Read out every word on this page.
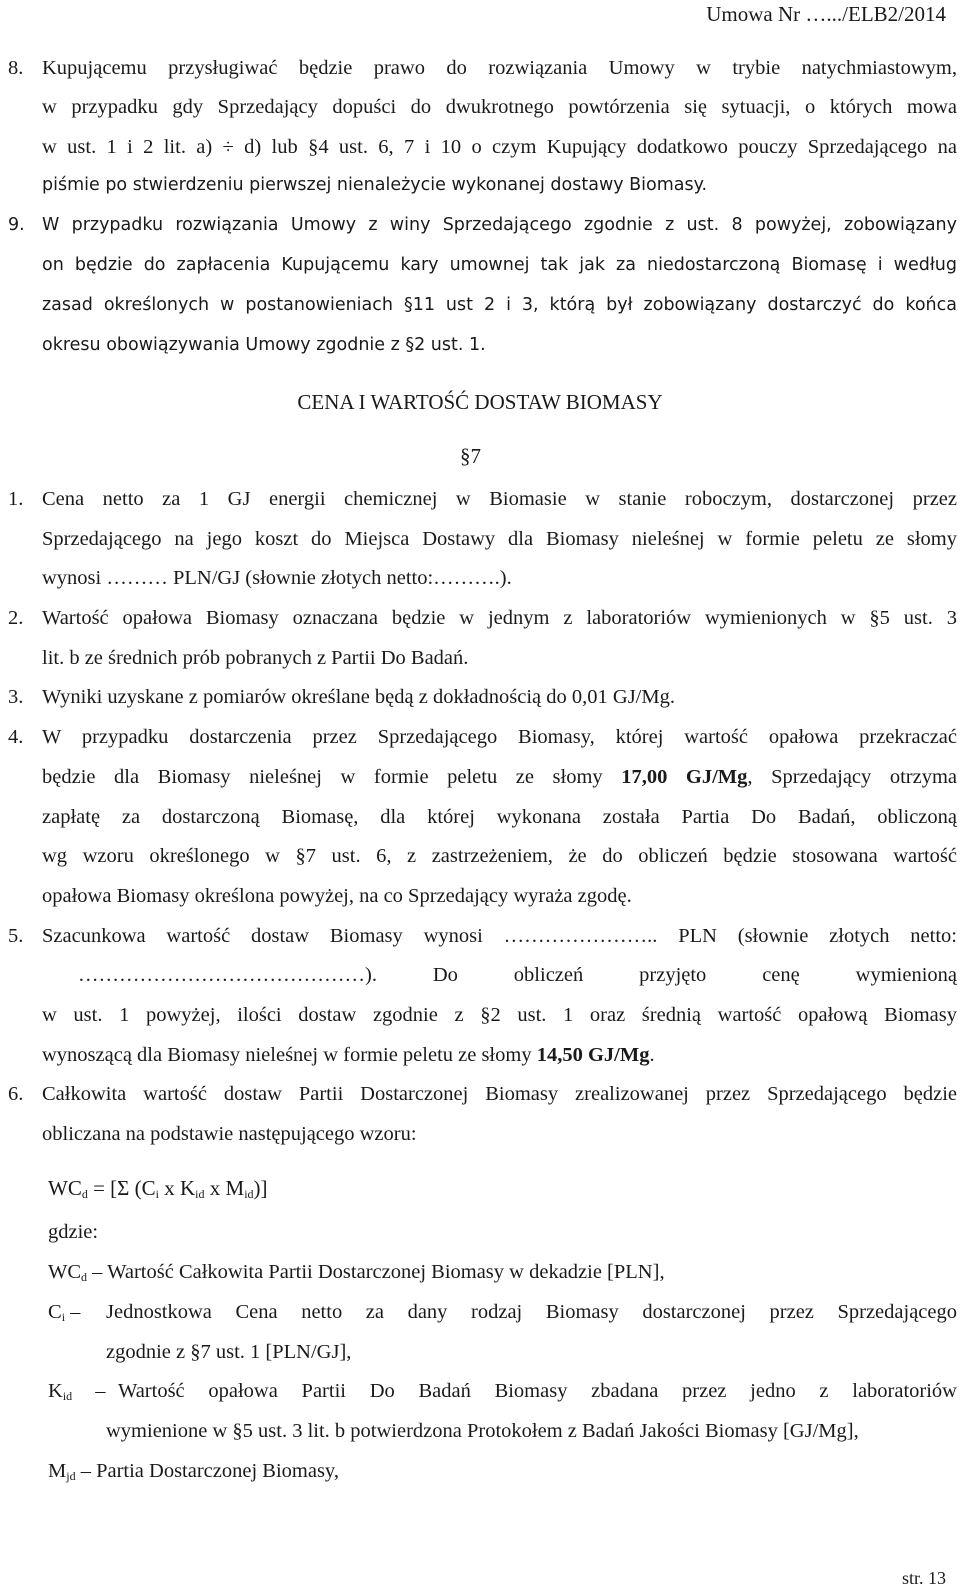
Umowa Nr ….../ELB2/2014
8. Kupującemu przysługiwać będzie prawo do rozwiązania Umowy w trybie natychmiastowym,
w przypadku gdy Sprzedający dopuści do dwukrotnego powtórzenia się sytuacji, o których mowa
w ust. 1 i 2 lit. a) ÷ d) lub §4 ust. 6, 7 i 10 o czym Kupujący dodatkowo pouczy Sprzedającego na
piśmie po stwierdzeniu pierwszej nienależycie wykonanej dostawy Biomasy.
9. W przypadku rozwiązania Umowy z winy Sprzedającego zgodnie z ust. 8 powyżej, zobowiązany
on będzie do zapłacenia Kupującemu kary umownej tak jak za niedostarczoną Biomasę i według
zasad określonych w postanowieniach §11 ust 2 i 3, którą był zobowiązany dostarczyć do końca
okresu obowiązywania Umowy zgodnie z §2 ust. 1.
CENA I WARTOŚĆ DOSTAW BIOMASY
§7
1. Cena netto za 1 GJ energii chemicznej w Biomasie w stanie roboczym, dostarczonej przez
Sprzedającego na jego koszt do Miejsca Dostawy dla Biomasy nieleśnej w formie peletu ze słomy
wynosi ……… PLN/GJ (słownie złotych netto:……….).
2. Wartość opałowa Biomasy oznaczana będzie w jednym z laboratoriów wymienionych w §5 ust. 3
lit. b ze średnich prób pobranych z Partii Do Badań.
3. Wyniki uzyskane z pomiarów określane będą z dokładnością do 0,01 GJ/Mg.
4. W przypadku dostarczenia przez Sprzedającego Biomasy, której wartość opałowa przekraczać
będzie dla Biomasy nieleśnej w formie peletu ze słomy 17,00 GJ/Mg, Sprzedający otrzyma
zapłatę za dostarczoną Biomasę, dla której wykonana została Partia Do Badań, obliczoną
wg wzoru określonego w §7 ust. 6, z zastrzeżeniem, że do obliczeń będzie stosowana wartość
opałowa Biomasy określona powyżej, na co Sprzedający wyraża zgodę.
5. Szacunkowa wartość dostaw Biomasy wynosi ………………….. PLN (słownie złotych netto:
……………………………………). Do obliczeń przyjęto cenę wymienioną
w ust. 1 powyżej, ilości dostaw zgodnie z §2 ust. 1 oraz średnią wartość opałową Biomasy
wynoszącą dla Biomasy nieleśnej w formie peletu ze słomy 14,50 GJ/Mg.
6. Całkowita wartość dostaw Partii Dostarczonej Biomasy zrealizowanej przez Sprzedającego będzie
obliczana na podstawie następującego wzoru:
$WC_d = [\Sigma$ ($C_i$ x $K_{id}$ x $M_{id}$)]
gdzie:
$WC_d$ – Wartość Całkowita Partii Dostarczonej Biomasy w dekadzie [PLN],
$C_i$ – Jednostkowa Cena netto za dany rodzaj Biomasy dostarczonej przez Sprzedającego
zgodnie z §7 ust. 1 [PLN/GJ],
$K_{id}$ – Wartość opałowa Partii Do Badań Biomasy zbadana przez jedno z laboratoriów
wymienione w §5 ust. 3 lit. b potwierdzona Protokołem z Badań Jakości Biomasy [GJ/Mg],
$M_{jd}$ – Partia Dostarczonej Biomasy,
str. 13
